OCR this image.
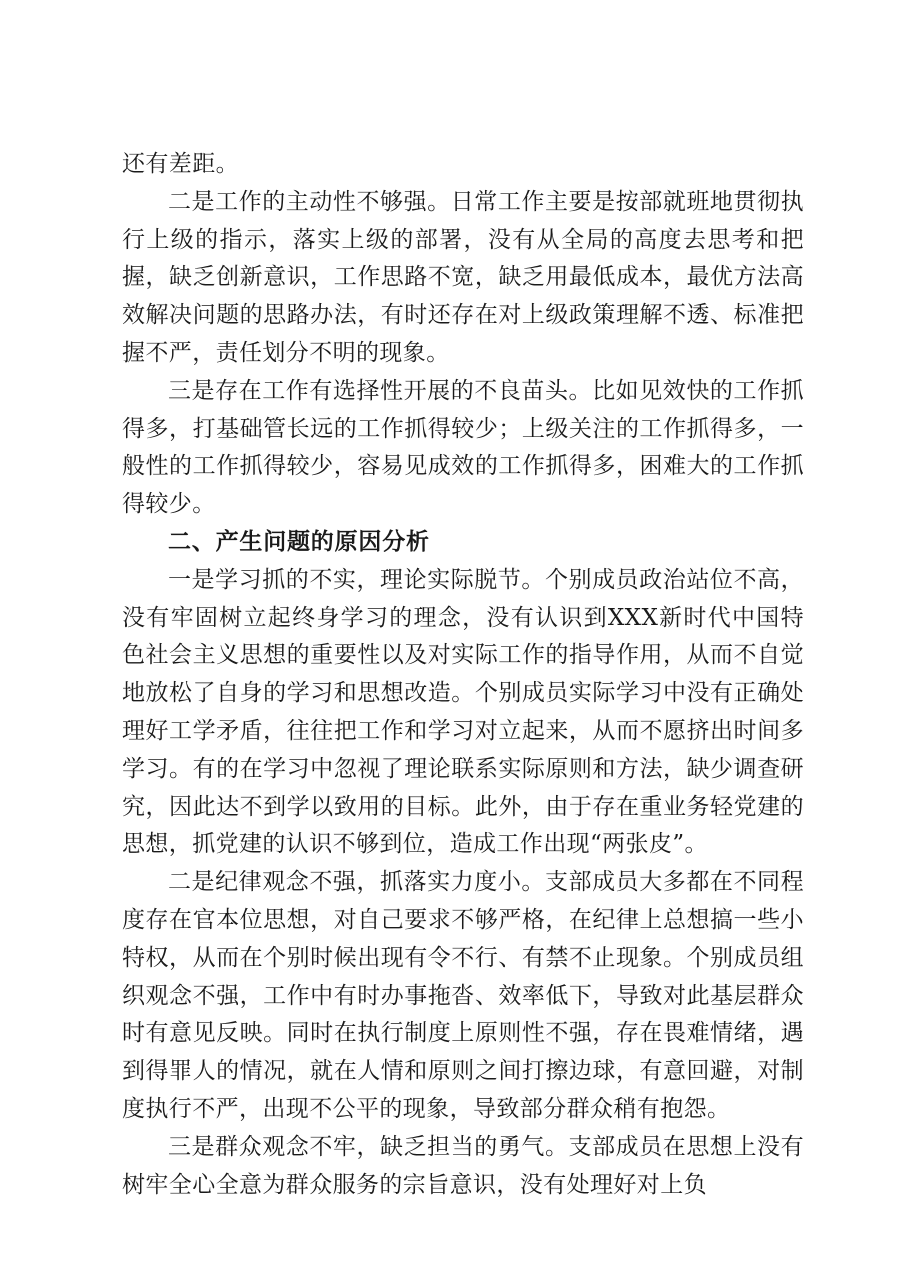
还有差距。

二是工作的主动性不够强。日常工作主要是按部就班地贯彻执行上级的指示，落实上级的部署，没有从全局的高度去思考和把握，缺乏创新意识，工作思路不宽，缺乏用最低成本，最优方法高效解决问题的思路办法，有时还存在对上级政策理解不透、标准把握不严，责任划分不明的现象。

三是存在工作有选择性开展的不良苗头。比如见效快的工作抓得多，打基础管长远的工作抓得较少；上级关注的工作抓得多，一般性的工作抓得较少，容易见成效的工作抓得多，困难大的工作抓得较少。

二、产生问题的原因分析

一是学习抓的不实，理论实际脱节。个别成员政治站位不高，没有牢固树立起终身学习的理念，没有认识到XXX新时代中国特色社会主义思想的重要性以及对实际工作的指导作用，从而不自觉地放松了自身的学习和思想改造。个别成员实际学习中没有正确处理好工学矛盾，往往把工作和学习对立起来，从而不愿挤出时间多学习。有的在学习中忽视了理论联系实际原则和方法，缺少调查研究，因此达不到学以致用的目标。此外，由于存在重业务轻党建的思想，抓党建的认识不够到位，造成工作出现“两张皮”。

二是纪律观念不强，抓落实力度小。支部成员大多都在不同程度存在官本位思想，对自己要求不够严格，在纪律上总想搞一些小特权，从而在个别时候出现有令不行、有禁不止现象。个别成员组织观念不强，工作中有时办事拖沓、效率低下，导致对此基层群众时有意见反映。同时在执行制度上原则性不强，存在畏难情绪，遇到得罪人的情况，就在人情和原则之间打擦边球，有意回避，对制度执行不严，出现不公平的现象，导致部分群众稍有抱怨。

三是群众观念不牢，缺乏担当的勇气。支部成员在思想上没有树牢全心全意为群众服务的宗旨意识，没有处理好对上负
